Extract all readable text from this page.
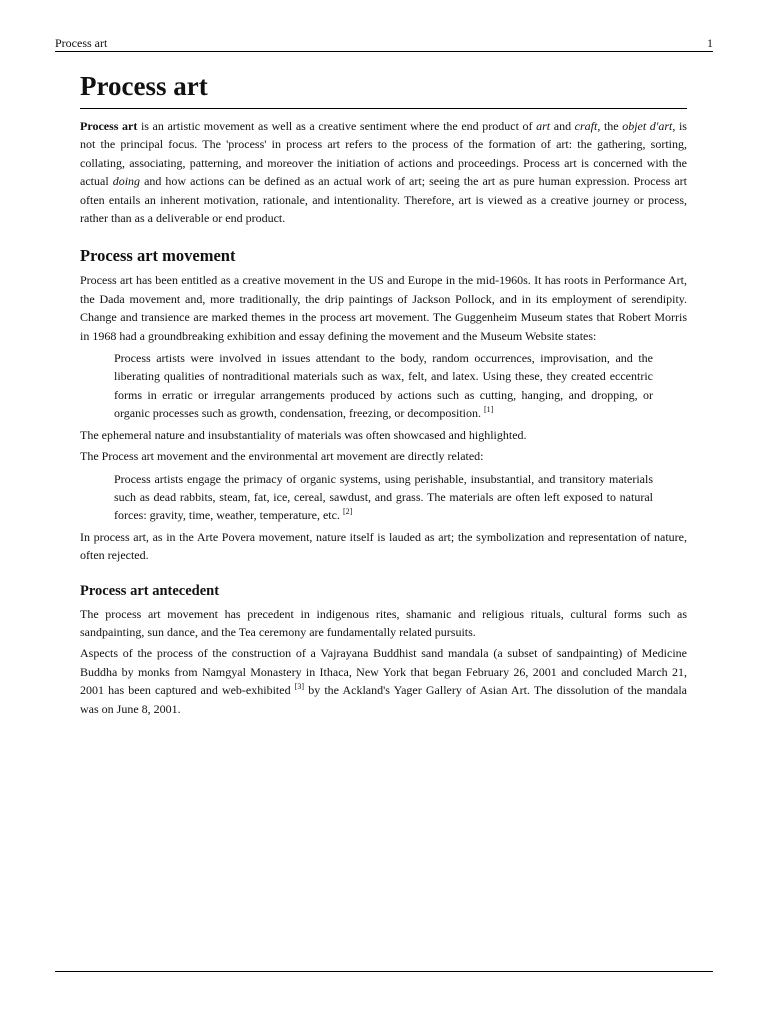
Process art	1
Process art

Process art is an artistic movement as well as a creative sentiment where the end product of art and craft, the objet d'art, is not the principal focus. The 'process' in process art refers to the process of the formation of art: the gathering, sorting, collating, associating, patterning, and moreover the initiation of actions and proceedings. Process art is concerned with the actual doing and how actions can be defined as an actual work of art; seeing the art as pure human expression. Process art often entails an inherent motivation, rationale, and intentionality. Therefore, art is viewed as a creative journey or process, rather than as a deliverable or end product.

Process art movement

Process art has been entitled as a creative movement in the US and Europe in the mid-1960s. It has roots in Performance Art, the Dada movement and, more traditionally, the drip paintings of Jackson Pollock, and in its employment of serendipity. Change and transience are marked themes in the process art movement. The Guggenheim Museum states that Robert Morris in 1968 had a groundbreaking exhibition and essay defining the movement and the Museum Website states:

Process artists were involved in issues attendant to the body, random occurrences, improvisation, and the liberating qualities of nontraditional materials such as wax, felt, and latex. Using these, they created eccentric forms in erratic or irregular arrangements produced by actions such as cutting, hanging, and dropping, or organic processes such as growth, condensation, freezing, or decomposition. [1]

The ephemeral nature and insubstantiality of materials was often showcased and highlighted.

The Process art movement and the environmental art movement are directly related:

Process artists engage the primacy of organic systems, using perishable, insubstantial, and transitory materials such as dead rabbits, steam, fat, ice, cereal, sawdust, and grass. The materials are often left exposed to natural forces: gravity, time, weather, temperature, etc. [2]

In process art, as in the Arte Povera movement, nature itself is lauded as art; the symbolization and representation of nature, often rejected.

Process art antecedent

The process art movement has precedent in indigenous rites, shamanic and religious rituals, cultural forms such as sandpainting, sun dance, and the Tea ceremony are fundamentally related pursuits.

Aspects of the process of the construction of a Vajrayana Buddhist sand mandala (a subset of sandpainting) of Medicine Buddha by monks from Namgyal Monastery in Ithaca, New York that began February 26, 2001 and concluded March 21, 2001 has been captured and web-exhibited [3] by the Ackland's Yager Gallery of Asian Art. The dissolution of the mandala was on June 8, 2001.
